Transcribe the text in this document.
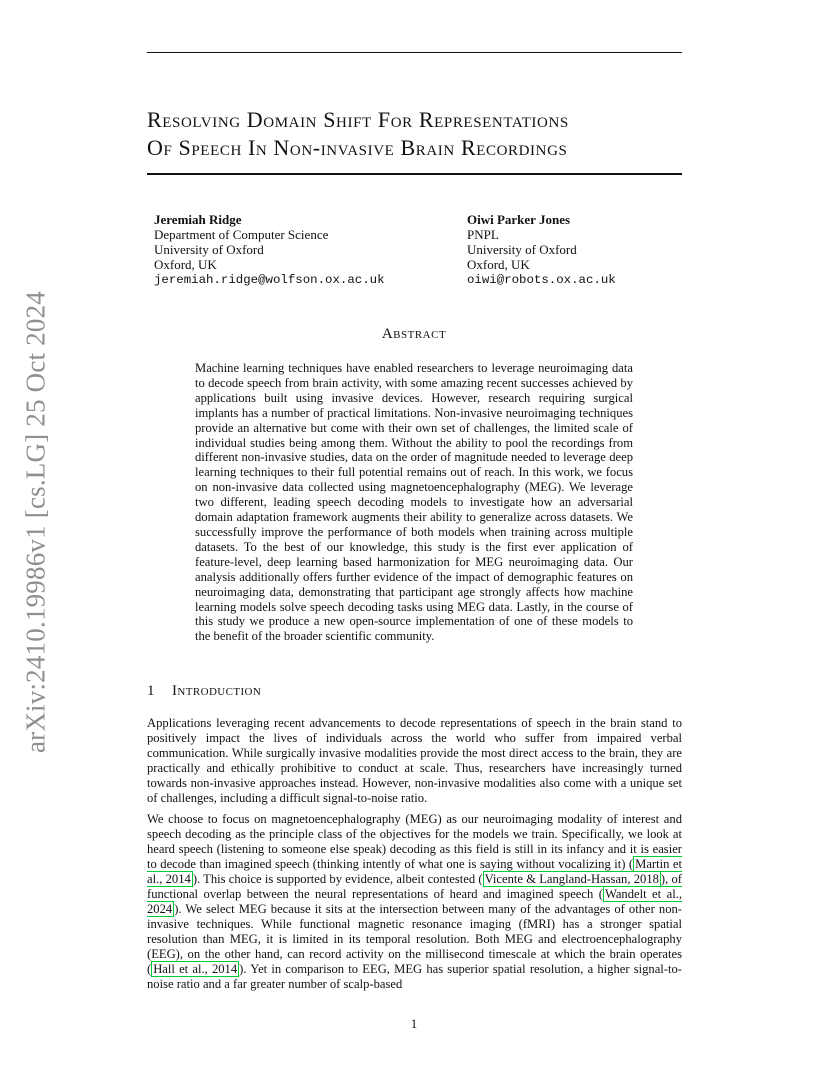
arXiv:2410.19986v1 [cs.LG] 25 Oct 2024
Resolving Domain Shift For Representations
Of Speech In Non-invasive Brain Recordings
Jeremiah Ridge
Department of Computer Science
University of Oxford
Oxford, UK
jeremiah.ridge@wolfson.ox.ac.uk
Oiwi Parker Jones
PNPL
University of Oxford
Oxford, UK
oiwi@robots.ox.ac.uk
Abstract

Machine learning techniques have enabled researchers to leverage neuroimaging data to decode speech from brain activity, with some amazing recent successes achieved by applications built using invasive devices. However, research requiring surgical implants has a number of practical limitations. Non-invasive neuroimaging techniques provide an alternative but come with their own set of challenges, the limited scale of individual studies being among them. Without the ability to pool the recordings from different non-invasive studies, data on the order of magnitude needed to leverage deep learning techniques to their full potential remains out of reach. In this work, we focus on non-invasive data collected using magnetoencephalography (MEG). We leverage two different, leading speech decoding models to investigate how an adversarial domain adaptation framework augments their ability to generalize across datasets. We successfully improve the performance of both models when training across multiple datasets. To the best of our knowledge, this study is the first ever application of feature-level, deep learning based harmonization for MEG neuroimaging data. Our analysis additionally offers further evidence of the impact of demographic features on neuroimaging data, demonstrating that participant age strongly affects how machine learning models solve speech decoding tasks using MEG data. Lastly, in the course of this study we produce a new open-source implementation of one of these models to the benefit of the broader scientific community.

1 Introduction

Applications leveraging recent advancements to decode representations of speech in the brain stand to positively impact the lives of individuals across the world who suffer from impaired verbal communication. While surgically invasive modalities provide the most direct access to the brain, they are practically and ethically prohibitive to conduct at scale. Thus, researchers have increasingly turned towards non-invasive approaches instead. However, non-invasive modalities also come with a unique set of challenges, including a difficult signal-to-noise ratio.

We choose to focus on magnetoencephalography (MEG) as our neuroimaging modality of interest and speech decoding as the principle class of the objectives for the models we train. Specifically, we look at heard speech (listening to someone else speak) decoding as this field is still in its infancy and it is easier to decode than imagined speech (thinking intently of what one is saying without vocalizing it) ( Martin et al., 2014 ). This choice is supported by evidence, albeit contested ( Vicente & Langland-Hassan, 2018 ), of functional overlap between the neural representations of heard and imagined speech ( Wandelt et al., 2024 ). We select MEG because it sits at the intersection between many of the advantages of other non-invasive techniques. While functional magnetic resonance imaging (fMRI) has a stronger spatial resolution than MEG, it is limited in its temporal resolution. Both MEG and electroencephalography (EEG), on the other hand, can record activity on the millisecond timescale at which the brain operates ( Hall et al., 2014 ). Yet in comparison to EEG, MEG has superior spatial resolution, a higher signal-to-noise ratio and a far greater number of scalp-based

1
